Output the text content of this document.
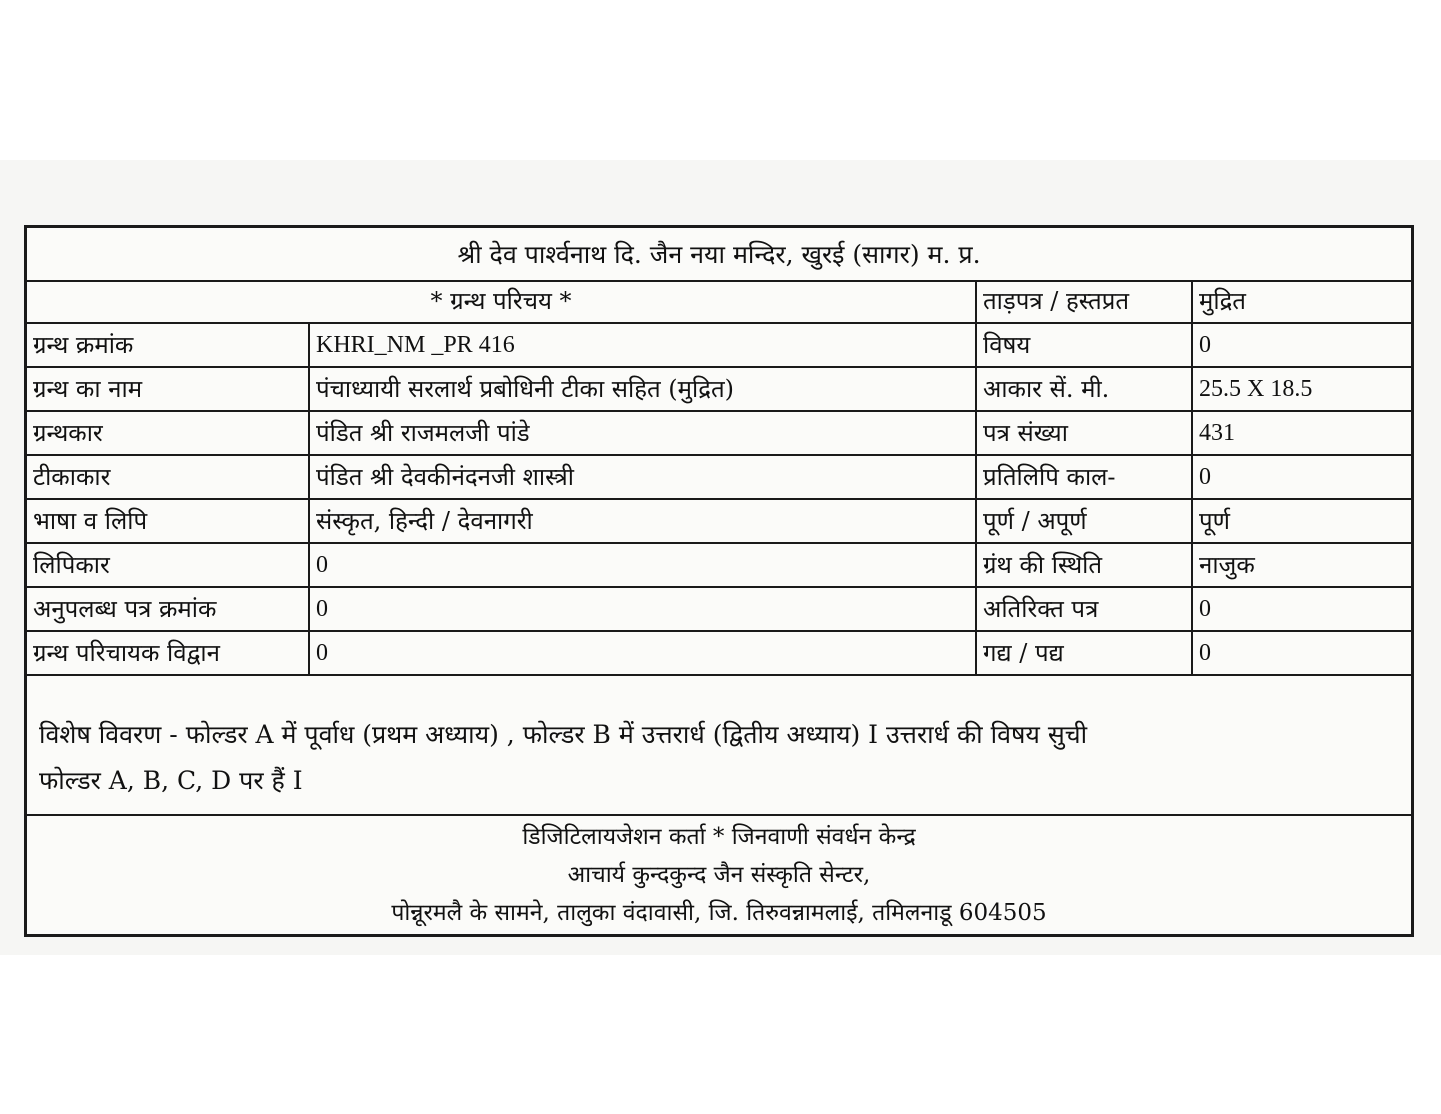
श्री देव पार्श्वनाथ दि. जैन नया मन्दिर, खुरई (सागर) म. प्र.
* ग्रन्थ परिचय *		ताड़पत्र / हस्तप्रत	मुद्रित
ग्रन्थ क्रमांक	KHRI_NM _PR 416	विषय	0
ग्रन्थ का नाम	पंचाध्यायी सरलार्थ प्रबोधिनी टीका सहित (मुद्रित)	आकार सें. मी.	25.5 X 18.5
ग्रन्थकार	पंडित श्री राजमलजी पांडे	पत्र संख्या	431
टीकाकार	पंडित श्री देवकीनंदनजी शास्त्री	प्रतिलिपि काल-	0
भाषा व लिपि	संस्कृत, हिन्दी / देवनागरी	पूर्ण / अपूर्ण	पूर्ण
लिपिकार	0	ग्रंथ की स्थिति	नाजुक
अनुपलब्ध पत्र क्रमांक	0	अतिरिक्त पत्र	0
ग्रन्थ परिचायक विद्वान	0	गद्य / पद्य	0
विशेष विवरण - फोल्डर A में पूर्वाध (प्रथम अध्याय) , फोल्डर B में उत्तरार्ध (द्वितीय अध्याय) I उत्तरार्ध की विषय सुची
फोल्डर A, B, C, D पर हैं I
डिजिटिलायजेशन कर्ता * जिनवाणी संवर्धन केन्द्र
आचार्य कुन्दकुन्द जैन संस्कृति सेन्टर,
पोन्नूरमलै के सामने, तालुका वंदावासी, जि. तिरुवन्नामलाई, तमिलनाडू 604505
